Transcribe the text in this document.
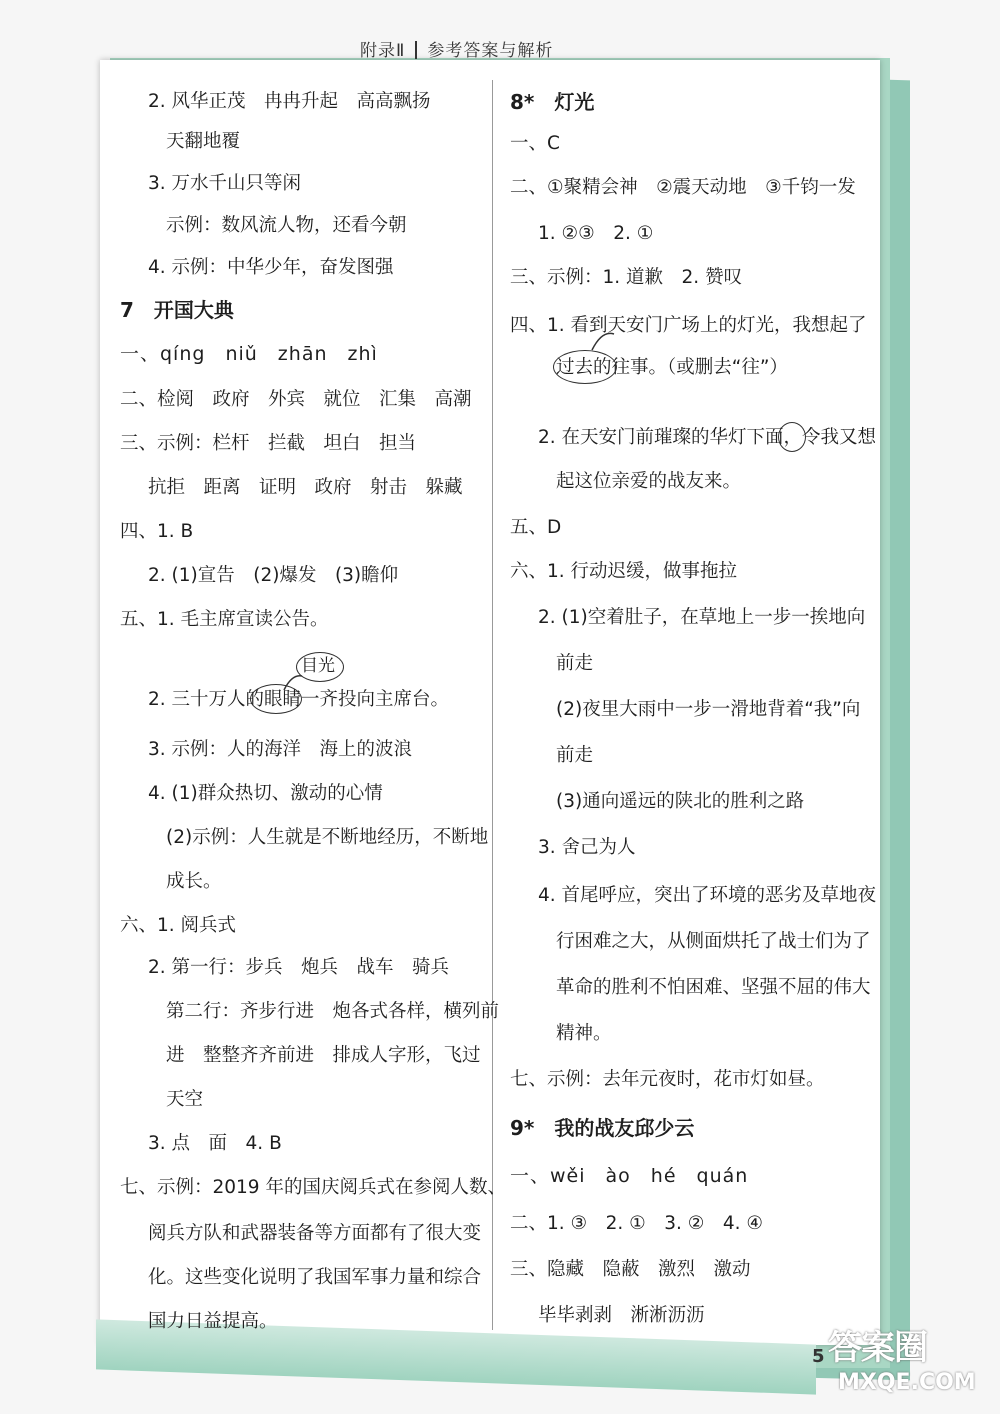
附录Ⅱ 参考答案与解析
2. 风华正茂　冉冉升起　高高飘扬
天翻地覆
3. 万水千山只等闲
示例：数风流人物，还看今朝
4. 示例：中华少年，奋发图强
7　开国大典
一、qíng　niǔ　zhān　zhì
二、检阅　政府　外宾　就位　汇集　高潮
三、示例：栏杆　拦截　坦白　担当
抗拒　距离　证明　政府　射击　躲藏
四、1. B
2. (1)宣告　(2)爆发　(3)瞻仰
五、1. 毛主席宣读公告。
2. 三十万人的眼睛一齐投向主席台。
3. 示例：人的海洋　海上的波浪
4. (1)群众热切、激动的心情
(2)示例：人生就是不断地经历，不断地
成长。
六、1. 阅兵式
2. 第一行：步兵　炮兵　战车　骑兵
第二行：齐步行进　炮各式各样，横列前
进　整整齐齐前进　排成人字形，飞过
天空
3. 点　面　4. B
七、示例：2019 年的国庆阅兵式在参阅人数、
阅兵方队和武器装备等方面都有了很大变
化。这些变化说明了我国军事力量和综合
国力日益提高。
8*　灯光
一、C
二、①聚精会神　②震天动地　③千钧一发
1. ②③　2. ①
三、示例：1. 道歉　2. 赞叹
四、1. 看到天安门广场上的灯光，我想起了
过去的往事。（或删去“往”）
2. 在天安门前璀璨的华灯下面，令我又想
起这位亲爱的战友来。
五、D
六、1. 行动迟缓，做事拖拉
2. (1)空着肚子，在草地上一步一挨地向
前走
(2)夜里大雨中一步一滑地背着“我”向
前走
(3)通向遥远的陕北的胜利之路
3. 舍己为人
4. 首尾呼应，突出了环境的恶劣及草地夜
行困难之大，从侧面烘托了战士们为了
革命的胜利不怕困难、坚强不屈的伟大
精神。
七、示例：去年元夜时，花市灯如昼。
9*　我的战友邱少云
一、wěi　ào　hé　quán
二、1. ③　2. ①　3. ②　4. ④
三、隐藏　隐蔽　激烈　激动
毕毕剥剥　淅淅沥沥
目光
5 答案圈
MXQE.COM
